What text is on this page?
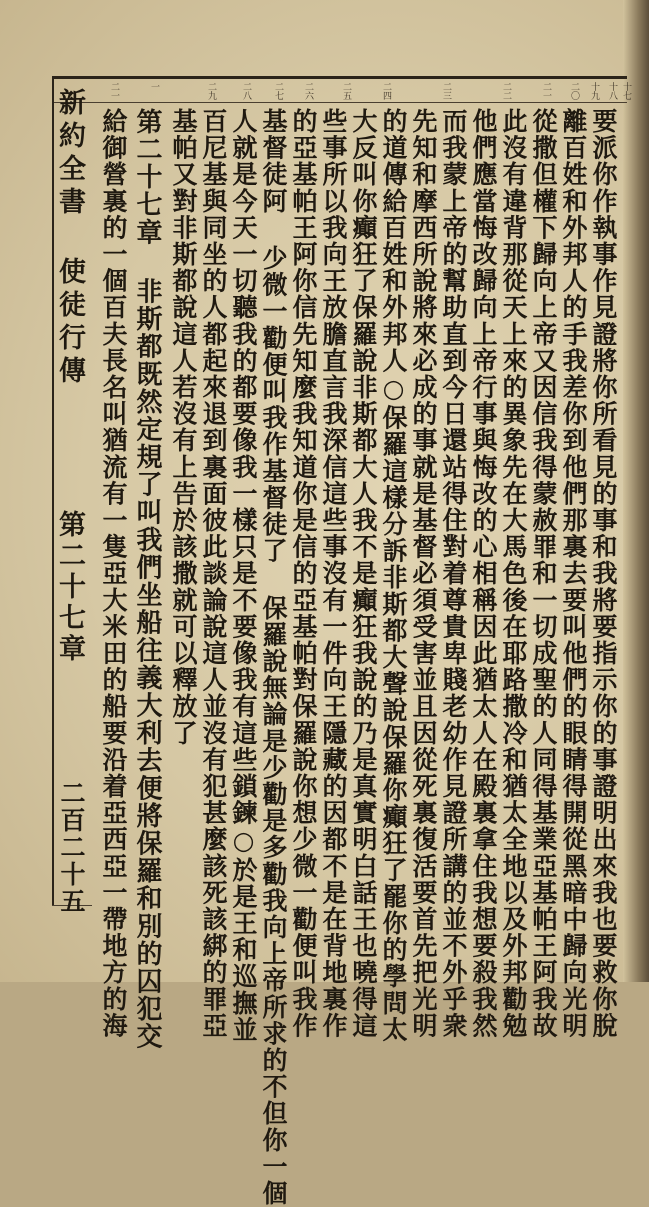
新約全書 使徒行傳
第二十七章
二百二十五
二一	一	二九	二八 二七 二六	二五	二四	二三	二二	二一 二〇 十九 十八 十七
要派你作執事作見證將你所看見的事和我將要指示你的事證明出來我也要救你脫
離百姓和外邦人的手我差你到他們那裏去要叫他們的眼睛得開從黑暗中歸向光明
從撒但權下歸向上帝又因信我得蒙赦罪和一切成聖的人同得基業亞基帕王阿我故
此沒有違背那從天上來的異象先在大馬色後在耶路撒冷和猶太全地以及外邦勸勉
他們應當悔改歸向上帝行事與悔改的心相稱因此猶太人在殿裏拿住我想要殺我然
而我蒙上帝的幫助直到今日還站得住對着尊貴卑賤老幼作見證所講的並不外乎衆
先知和摩西所說將來必成的事就是基督必須受害並且因從死裏復活要首先把光明
的道傳給百姓和外邦人○保羅這樣分訴非斯都大聲說保羅你癲狂了罷你的學問太
大反叫你癲狂了保羅說非斯都大人我不是癲狂我說的乃是真實明白話王也曉得這
些事所以我向王放膽直言我深信這些事沒有一件向王隱藏的因都不是在背地裏作
的亞基帕王阿你信先知麼我知道你是信的亞基帕對保羅說你想少微一勸便叫我作
基督徒阿 少微一勸便叫我作基督徒了 保羅說無論是少勸是多勸我向上帝所求的不但你一個
人就是今天一切聽我的都要像我一樣只是不要像我有這些鎖鍊○於是王和巡撫並
百尼基與同坐的人都起來退到裏面彼此談論說這人並沒有犯甚麼該死該綁的罪亞
基帕又對非斯都說這人若沒有上告於該撒就可以釋放了
第二十七章 非斯都既然定規了叫我們坐船往義大利去便將保羅和別的囚犯交
給御營裏的一個百夫長名叫猶流有一隻亞大米田的船要沿着亞西亞一帶地方的海
